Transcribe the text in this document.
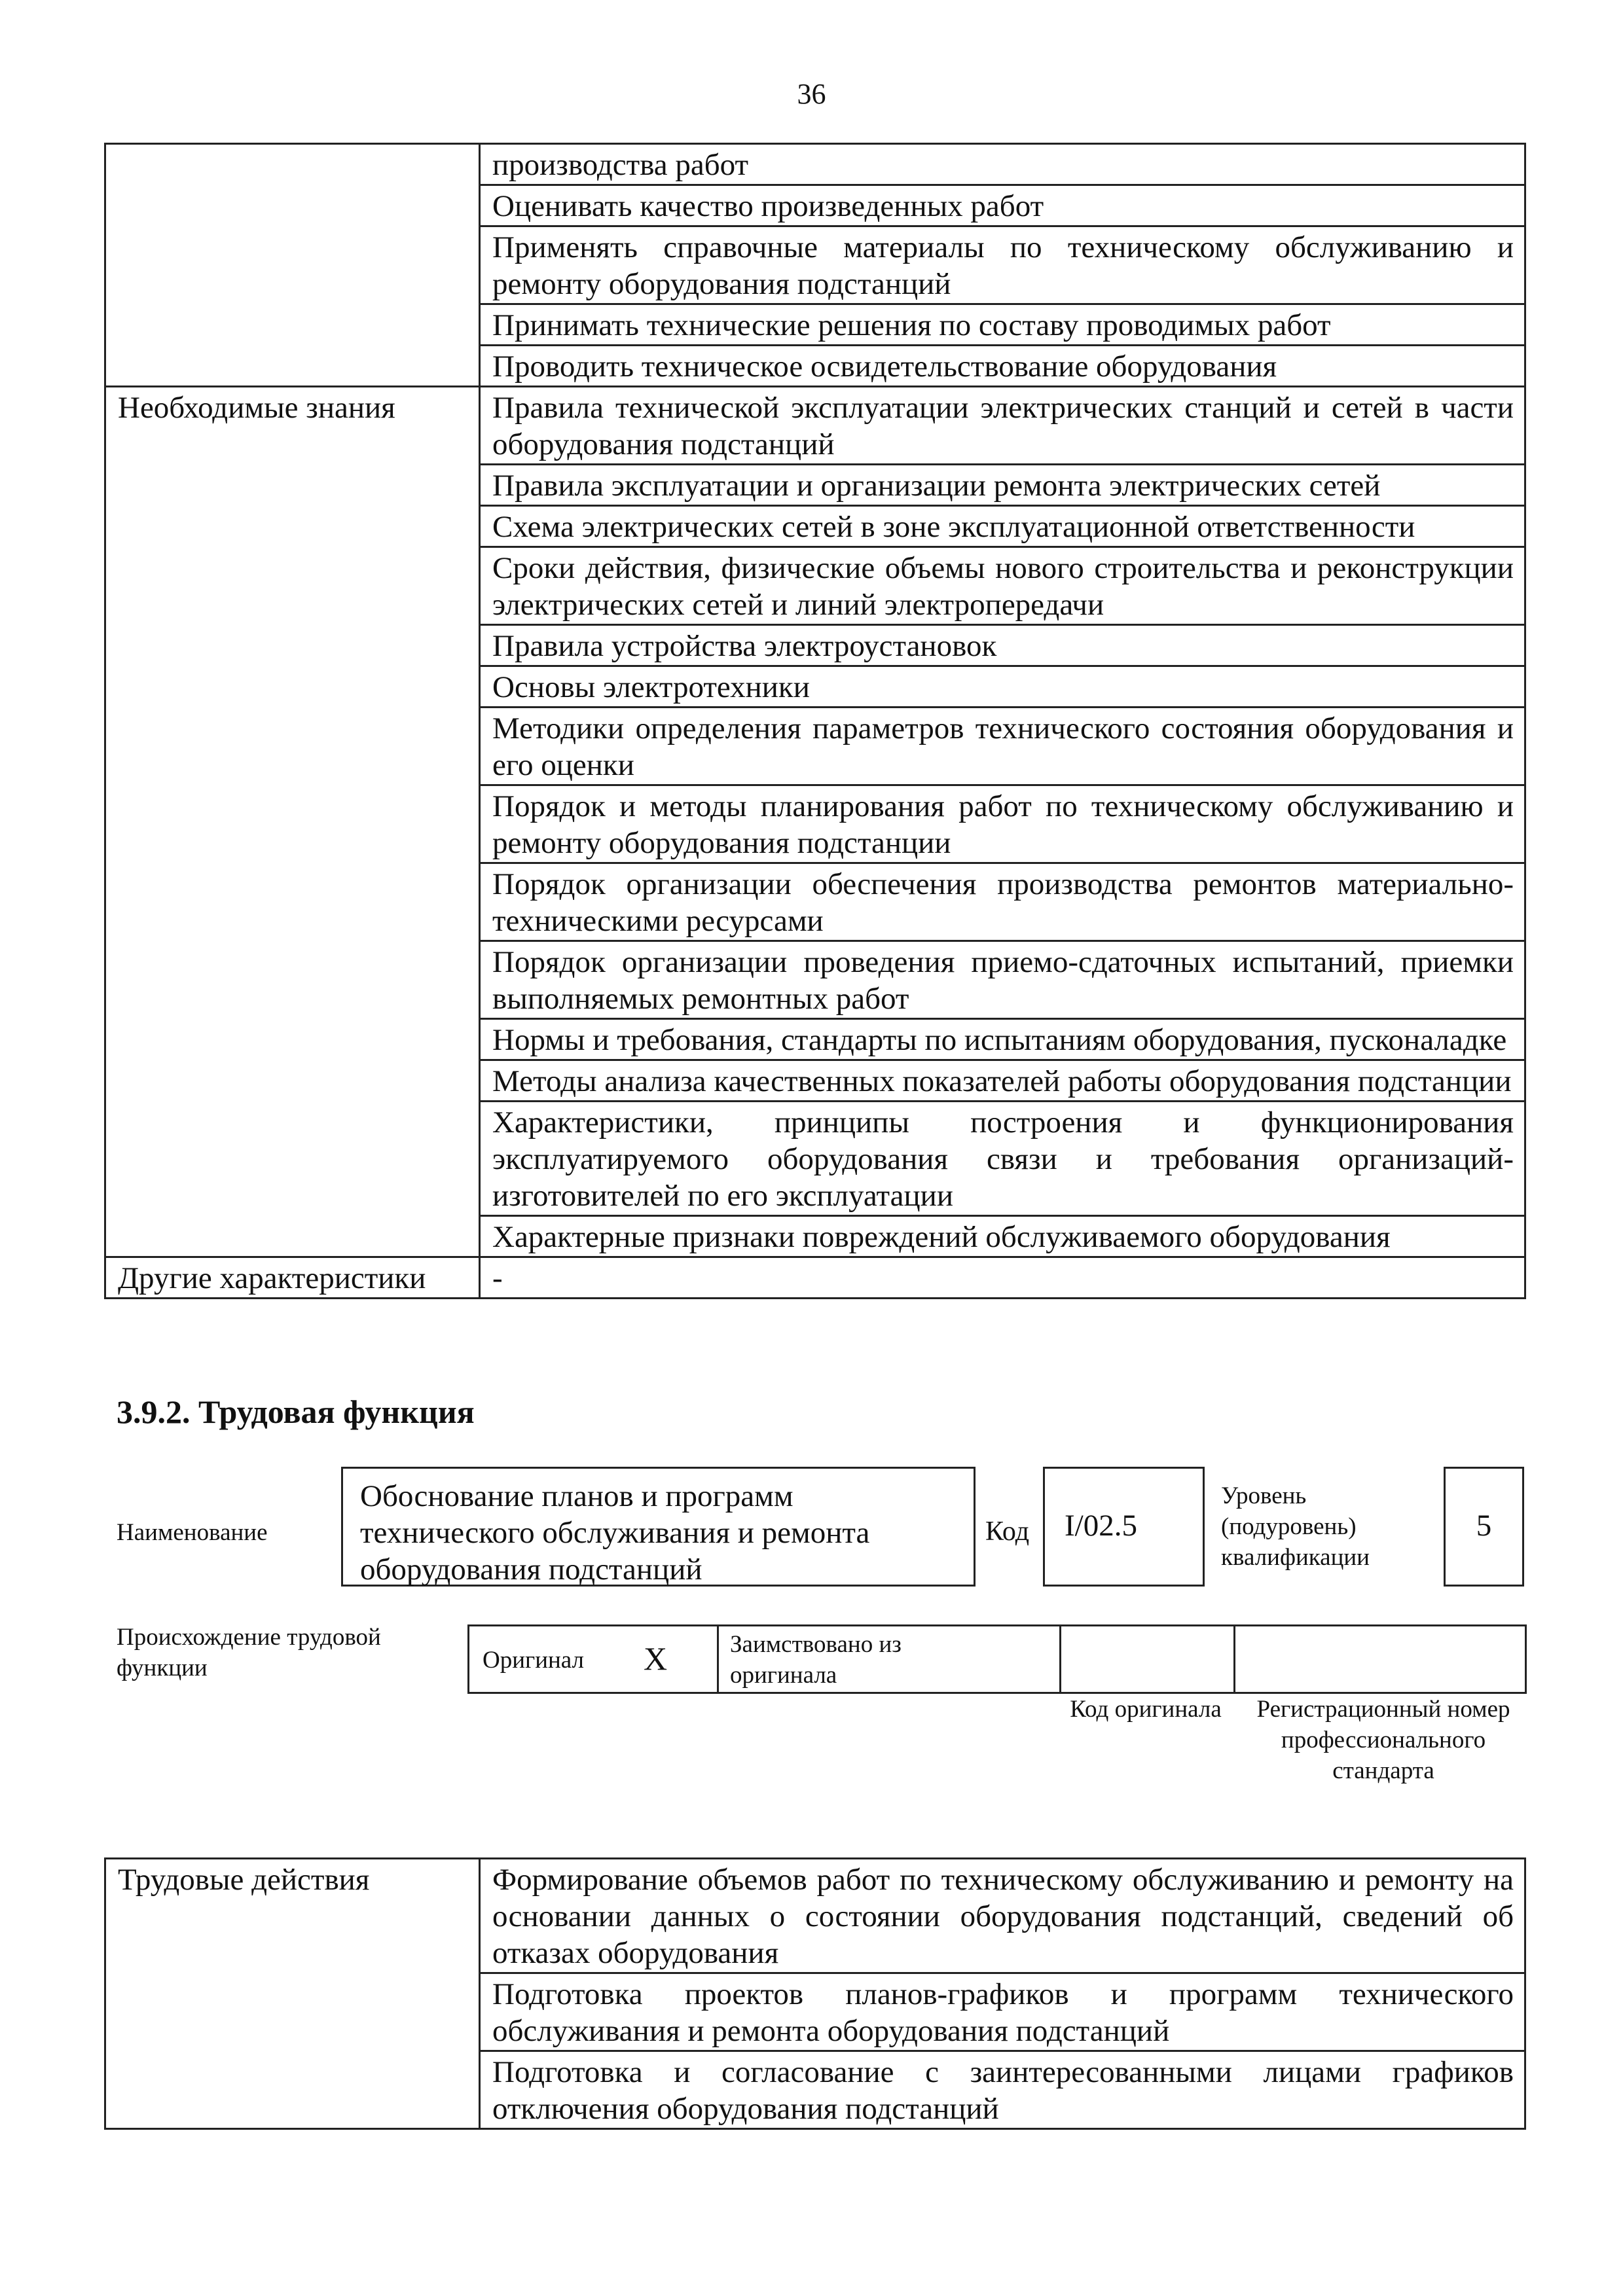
36
	производства работ
	Оценивать качество произведенных работ
	Применять справочные материалы по техническому обслуживанию и ремонту оборудования подстанций
	Принимать технические решения по составу проводимых работ
	Проводить техническое освидетельствование оборудования
Необходимые знания	Правила технической эксплуатации электрических станций и сетей в части оборудования подстанций
	Правила эксплуатации и организации ремонта электрических сетей
	Схема электрических сетей в зоне эксплуатационной ответственности
	Сроки действия, физические объемы нового строительства и реконструкции электрических сетей и линий электропередачи
	Правила устройства электроустановок
	Основы электротехники
	Методики определения параметров технического состояния оборудования и его оценки
	Порядок и методы планирования работ по техническому обслуживанию и ремонту оборудования подстанции
	Порядок организации обеспечения производства ремонтов материально-техническими ресурсами
	Порядок организации проведения приемо-сдаточных испытаний, приемки выполняемых ремонтных работ
	Нормы и требования, стандарты по испытаниям оборудования, пусконаладке
	Методы анализа качественных показателей работы оборудования подстанции
	Характеристики, принципы построения и функционирования эксплуатируемого оборудования связи и требования организаций-изготовителей по его эксплуатации
	Характерные признаки повреждений обслуживаемого оборудования
Другие характеристики	-
3.9.2. Трудовая функция
Наименование
Обоснование планов и программ технического обслуживания и ремонта оборудования подстанций
Код I/02.5
Уровень (подуровень) квалификации
5
Происхождение трудовой функции	Оригинал X	Заимствовано из оригинала
Код оригинала	Регистрационный номер профессионального стандарта
Трудовые действия	Формирование объемов работ по техническому обслуживанию и ремонту на основании данных о состоянии оборудования подстанций, сведений об отказах оборудования
Подготовка проектов планов-графиков и программ технического обслуживания и ремонта оборудования подстанций
Подготовка и согласование с заинтересованными лицами графиков отключения оборудования подстанций
